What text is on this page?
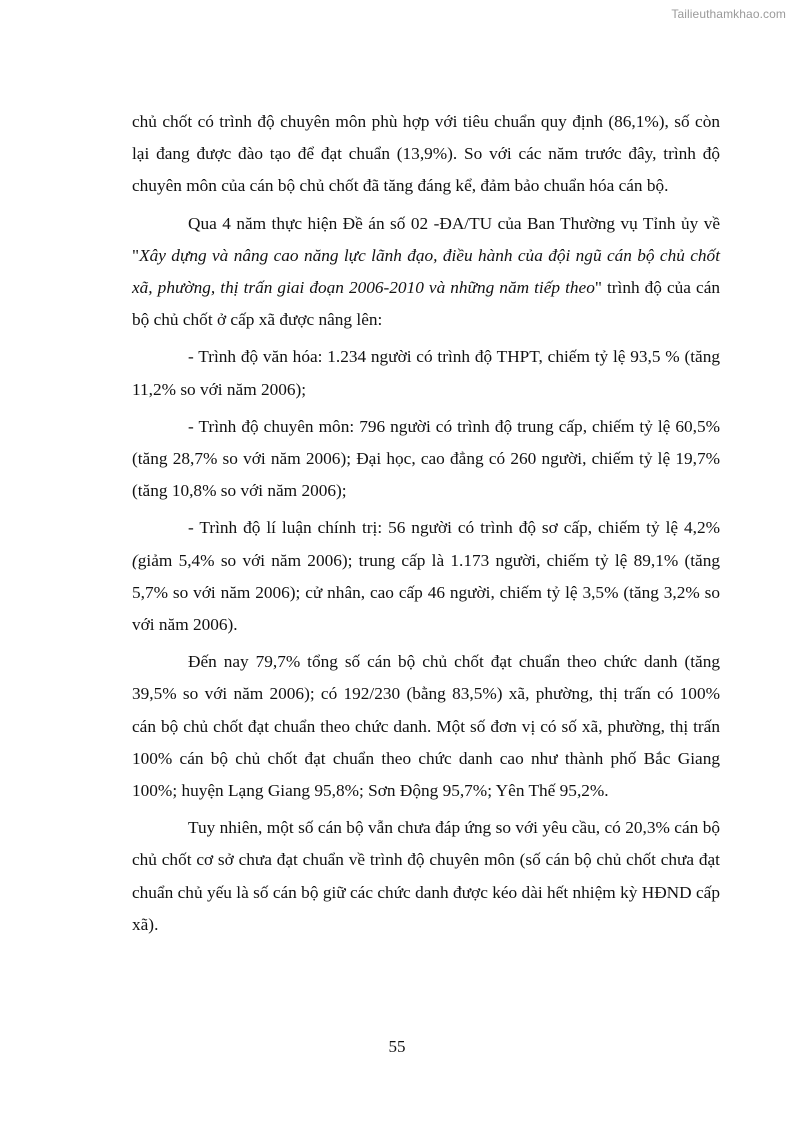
Tailieuthamkhao.com

chủ chốt có trình độ chuyên môn phù hợp với tiêu chuẩn quy định (86,1%), số còn lại đang được đào tạo để đạt chuẩn (13,9%). So với các năm trước đây, trình độ chuyên môn của cán bộ chủ chốt đã tăng đáng kể, đảm bảo chuẩn hóa cán bộ.

Qua 4 năm thực hiện Đề án số 02 -ĐA/TU của Ban Thường vụ Tỉnh ủy về "Xây dựng và nâng cao năng lực lãnh đạo, điều hành của đội ngũ cán bộ chủ chốt xã, phường, thị trấn giai đoạn 2006-2010 và những năm tiếp theo" trình độ của cán bộ chủ chốt ở cấp xã được nâng lên:

- Trình độ văn hóa: 1.234 người có trình độ THPT, chiếm tỷ lệ 93,5 % (tăng 11,2% so với năm 2006);

- Trình độ chuyên môn: 796 người có trình độ trung cấp, chiếm tỷ lệ 60,5% (tăng 28,7% so với năm 2006); Đại học, cao đẳng có 260 người, chiếm tỷ lệ 19,7% (tăng 10,8% so với năm 2006);

- Trình độ lí luận chính trị: 56 người có trình độ sơ cấp, chiếm tỷ lệ 4,2% (giảm 5,4% so với năm 2006); trung cấp là 1.173 người, chiếm tỷ lệ 89,1% (tăng 5,7% so với năm 2006); cử nhân, cao cấp 46 người, chiếm tỷ lệ 3,5% (tăng 3,2% so với năm 2006).

Đến nay 79,7% tổng số cán bộ chủ chốt đạt chuẩn theo chức danh (tăng 39,5% so với năm 2006); có 192/230 (bằng 83,5%) xã, phường, thị trấn có 100% cán bộ chủ chốt đạt chuẩn theo chức danh. Một số đơn vị có số xã, phường, thị trấn 100% cán bộ chủ chốt đạt chuẩn theo chức danh cao như thành phố Bắc Giang 100%; huyện Lạng Giang 95,8%; Sơn Động 95,7%; Yên Thế 95,2%.

Tuy nhiên, một số cán bộ vẫn chưa đáp ứng so với yêu cầu, có 20,3% cán bộ chủ chốt cơ sở chưa đạt chuẩn về trình độ chuyên môn (số cán bộ chủ chốt chưa đạt chuẩn chủ yếu là số cán bộ giữ các chức danh được kéo dài hết nhiệm kỳ HĐND cấp xã).

55
